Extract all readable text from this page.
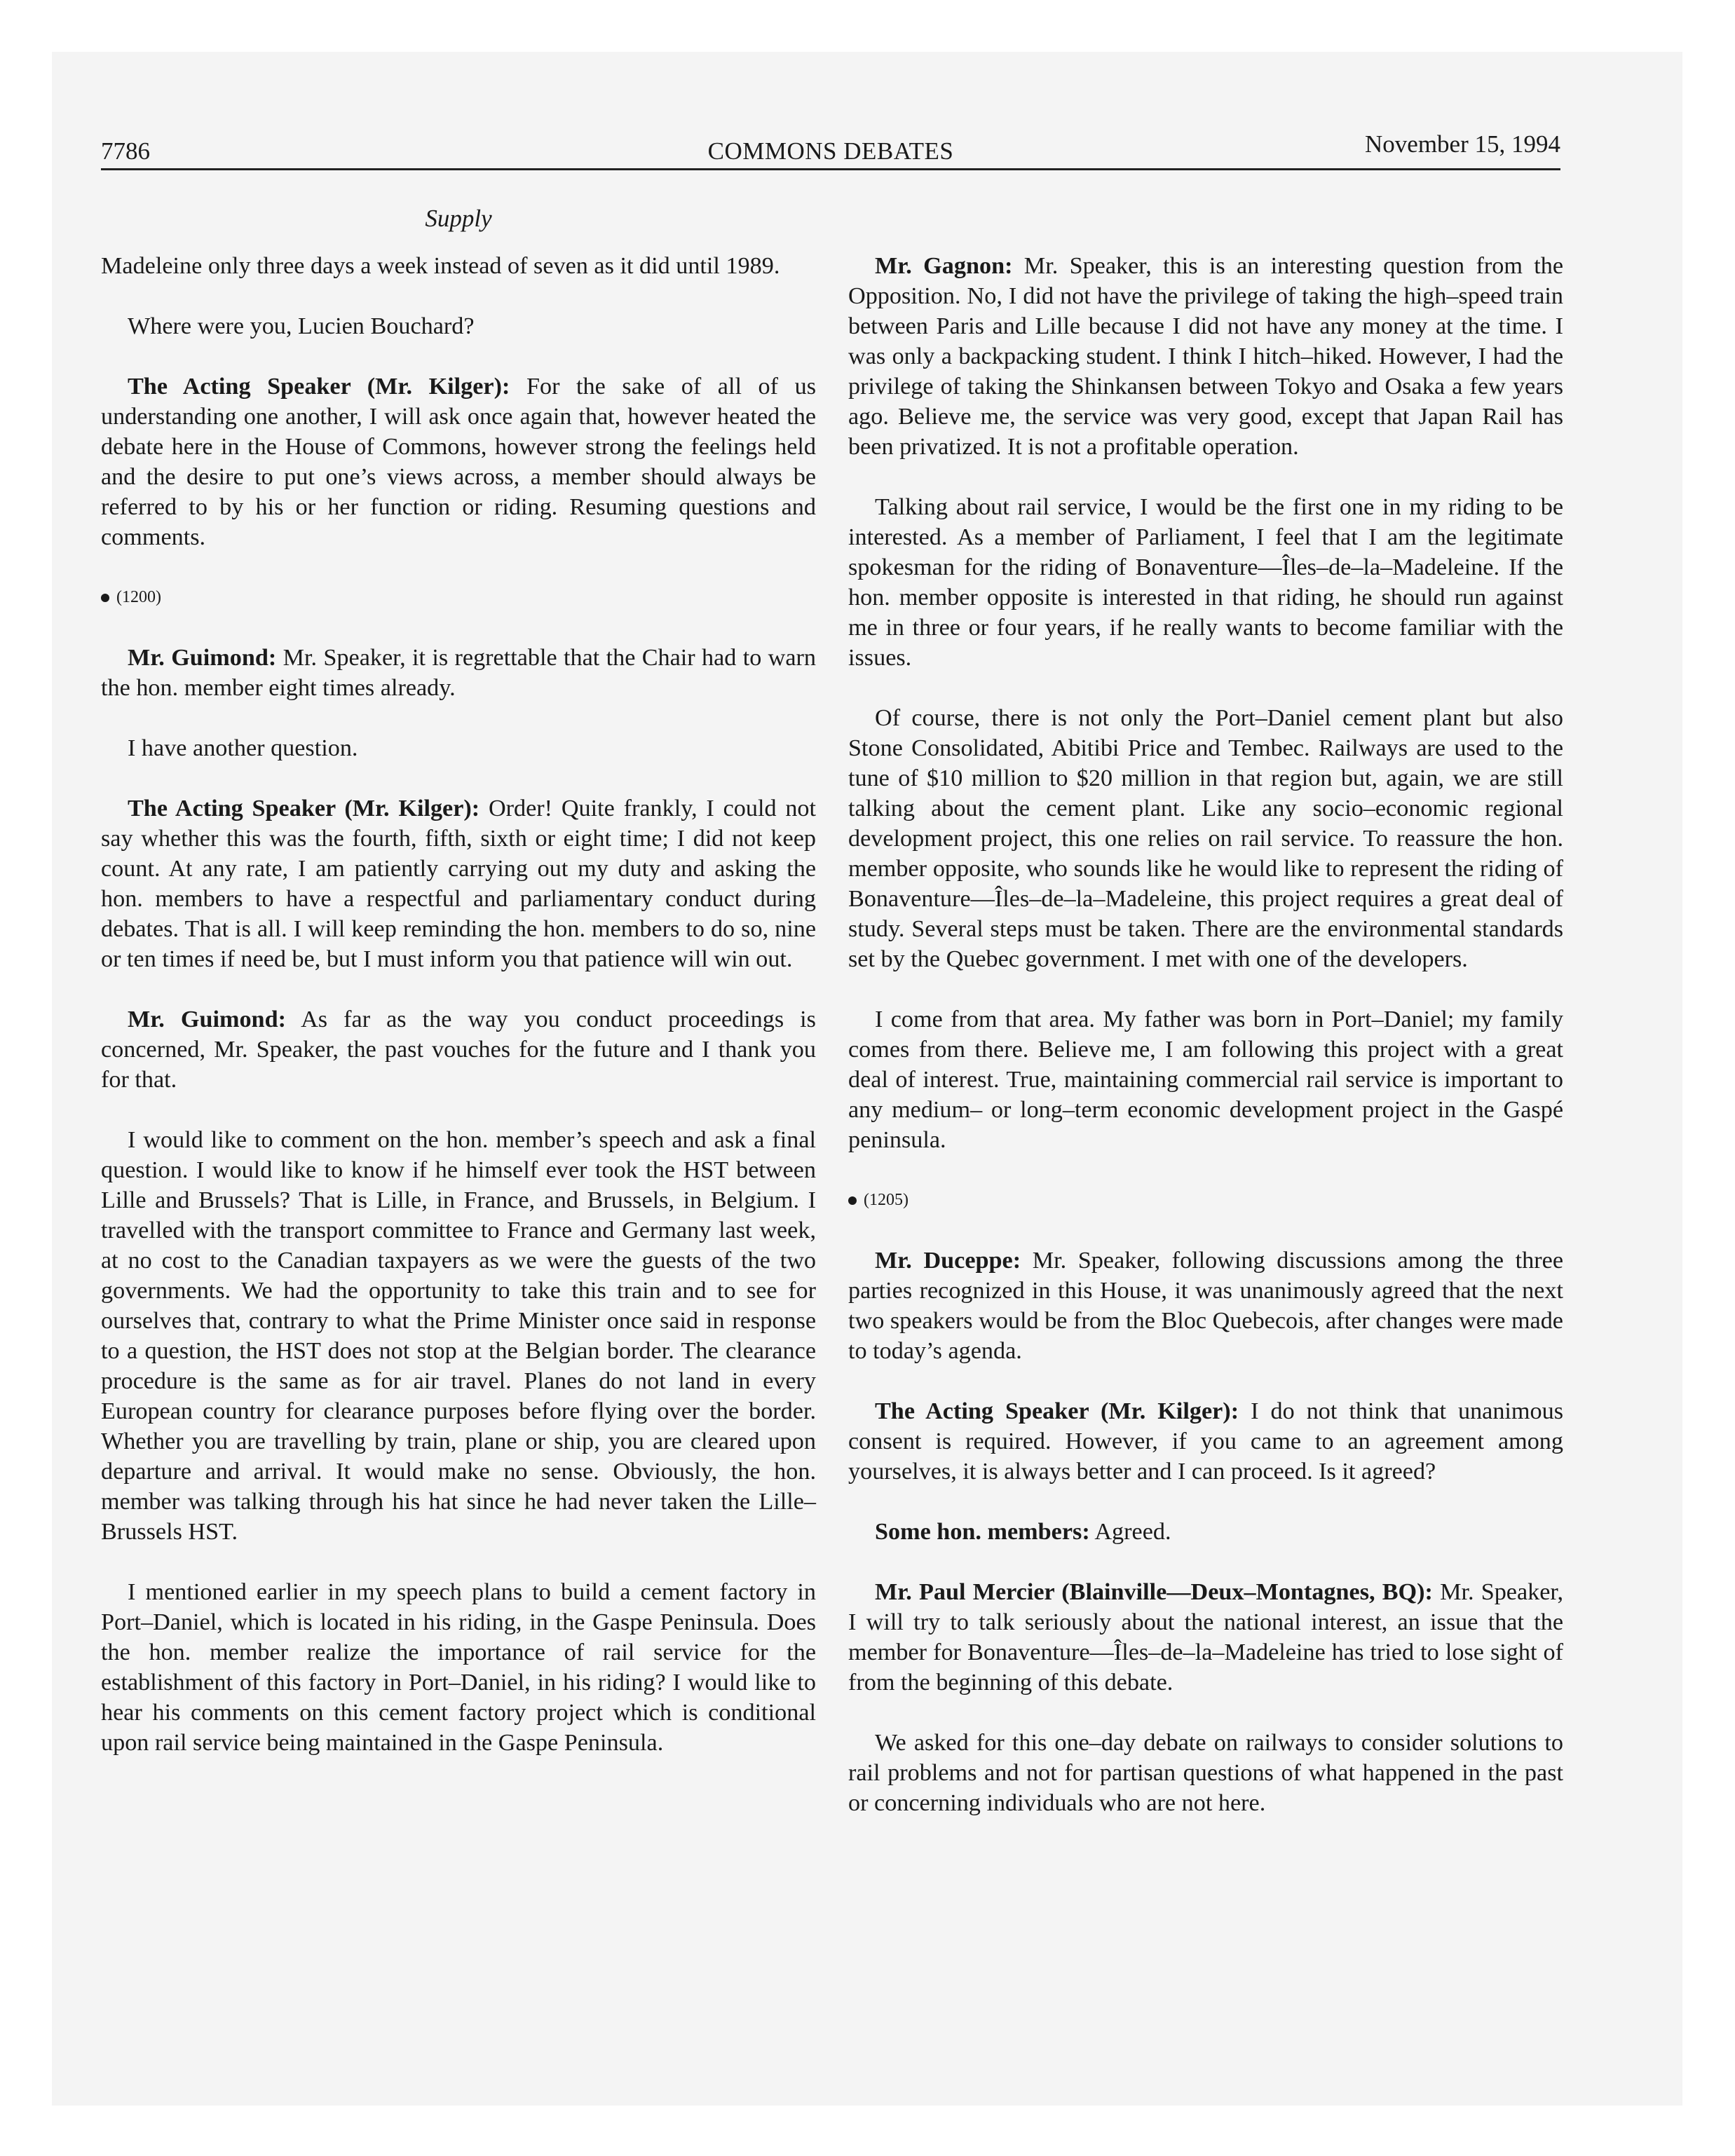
7786	COMMONS DEBATES	November 15, 1994
Supply

Madeleine only three days a week instead of seven as it did until 1989.

Where were you, Lucien Bouchard?

The Acting Speaker (Mr. Kilger): For the sake of all of us understanding one another, I will ask once again that, however heated the debate here in the House of Commons, however strong the feelings held and the desire to put one’s views across, a member should always be referred to by his or her function or riding. Resuming questions and comments.

(1200)

Mr. Guimond: Mr. Speaker, it is regrettable that the Chair had to warn the hon. member eight times already.

I have another question.

The Acting Speaker (Mr. Kilger): Order! Quite frankly, I could not say whether this was the fourth, fifth, sixth or eight time; I did not keep count. At any rate, I am patiently carrying out my duty and asking the hon. members to have a respectful and parliamentary conduct during debates. That is all. I will keep reminding the hon. members to do so, nine or ten times if need be, but I must inform you that patience will win out.

Mr. Guimond: As far as the way you conduct proceedings is concerned, Mr. Speaker, the past vouches for the future and I thank you for that.

I would like to comment on the hon. member’s speech and ask a final question. I would like to know if he himself ever took the HST between Lille and Brussels? That is Lille, in France, and Brussels, in Belgium. I travelled with the transport committee to France and Germany last week, at no cost to the Canadian taxpayers as we were the guests of the two governments. We had the opportunity to take this train and to see for ourselves that, contrary to what the Prime Minister once said in response to a question, the HST does not stop at the Belgian border. The clearance procedure is the same as for air travel. Planes do not land in every European country for clearance purposes before flying over the border. Whether you are travelling by train, plane or ship, you are cleared upon departure and arrival. It would make no sense. Obviously, the hon. member was talking through his hat since he had never taken the Lille–Brussels HST.

I mentioned earlier in my speech plans to build a cement factory in Port–Daniel, which is located in his riding, in the Gaspe Peninsula. Does the hon. member realize the importance of rail service for the establishment of this factory in Port–Daniel, in his riding? I would like to hear his comments on this cement factory project which is conditional upon rail service being maintained in the Gaspe Peninsula.

Mr. Gagnon: Mr. Speaker, this is an interesting question from the Opposition. No, I did not have the privilege of taking the high–speed train between Paris and Lille because I did not have any money at the time. I was only a backpacking student. I think I hitch–hiked. However, I had the privilege of taking the Shinkansen between Tokyo and Osaka a few years ago. Believe me, the service was very good, except that Japan Rail has been privatized. It is not a profitable operation.

Talking about rail service, I would be the first one in my riding to be interested. As a member of Parliament, I feel that I am the legitimate spokesman for the riding of Bonaventure—Îles–de–la–Madeleine. If the hon. member opposite is interested in that riding, he should run against me in three or four years, if he really wants to become familiar with the issues.

Of course, there is not only the Port–Daniel cement plant but also Stone Consolidated, Abitibi Price and Tembec. Railways are used to the tune of $10 million to $20 million in that region but, again, we are still talking about the cement plant. Like any socio–economic regional development project, this one relies on rail service. To reassure the hon. member opposite, who sounds like he would like to represent the riding of Bonaventure—Îles–de–la–Madeleine, this project requires a great deal of study. Several steps must be taken. There are the environmental standards set by the Quebec government. I met with one of the developers.

I come from that area. My father was born in Port–Daniel; my family comes from there. Believe me, I am following this project with a great deal of interest. True, maintaining commercial rail service is important to any medium– or long–term economic development project in the Gaspé peninsula.

(1205)

Mr. Duceppe: Mr. Speaker, following discussions among the three parties recognized in this House, it was unanimously agreed that the next two speakers would be from the Bloc Quebecois, after changes were made to today’s agenda.

The Acting Speaker (Mr. Kilger): I do not think that unanimous consent is required. However, if you came to an agreement among yourselves, it is always better and I can proceed. Is it agreed?

Some hon. members: Agreed.

Mr. Paul Mercier (Blainville—Deux–Montagnes, BQ): Mr. Speaker, I will try to talk seriously about the national interest, an issue that the member for Bonaventure—Îles–de–la–Madeleine has tried to lose sight of from the beginning of this debate.

We asked for this one–day debate on railways to consider solutions to rail problems and not for partisan questions of what happened in the past or concerning individuals who are not here.
